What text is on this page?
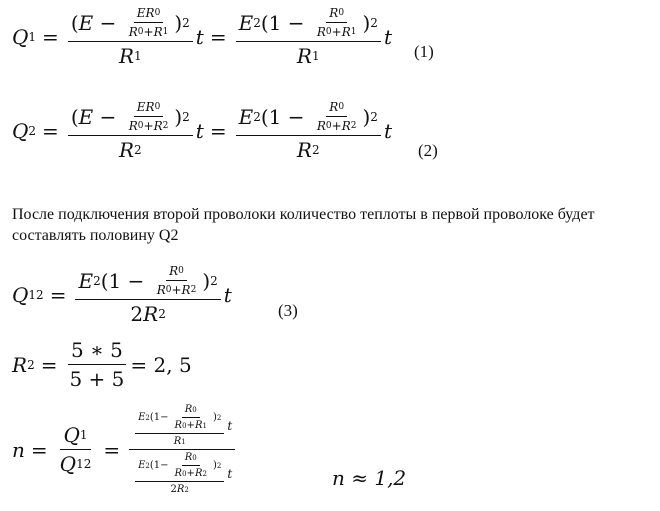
Q $1 = \frac{( E - \frac{ER 0}{R 0 + R 1} ) 2}{R 1}$ $t = \frac{E 2 (1 - \frac{R 0}{R 0 + R 1} ) 2}{R 1}$ t
(1)
Q $2 = \frac{( E - \frac{ER 0}{R 0 + R 2} ) 2}{R 2}$ $t = \frac{E 2 (1 - \frac{R 0}{R 0 + R 2} ) 2}{R 2}$ t
(2)
После подключения второй проволоки количество теплоты в первой проволоке будет составлять половину Q2
Q $12 = \frac{E 2 (1 - \frac{R 0}{R 0 + R 2} ) 2}{2 R 2}$ t
(3)
R $2 = \frac{5 ∗ 5}{5 + 5} = 2$, 5
$n = \frac{Q 1}{Q 12} = \frac{\frac{E 2 (1- \frac{R 0}{R 0 + R 1} ) 2}{R 1} t}{\frac{E 2 (1- \frac{R 0}{R 0 + R 2} ) 2}{2 R 2} t}$	n ≈ 1,2
